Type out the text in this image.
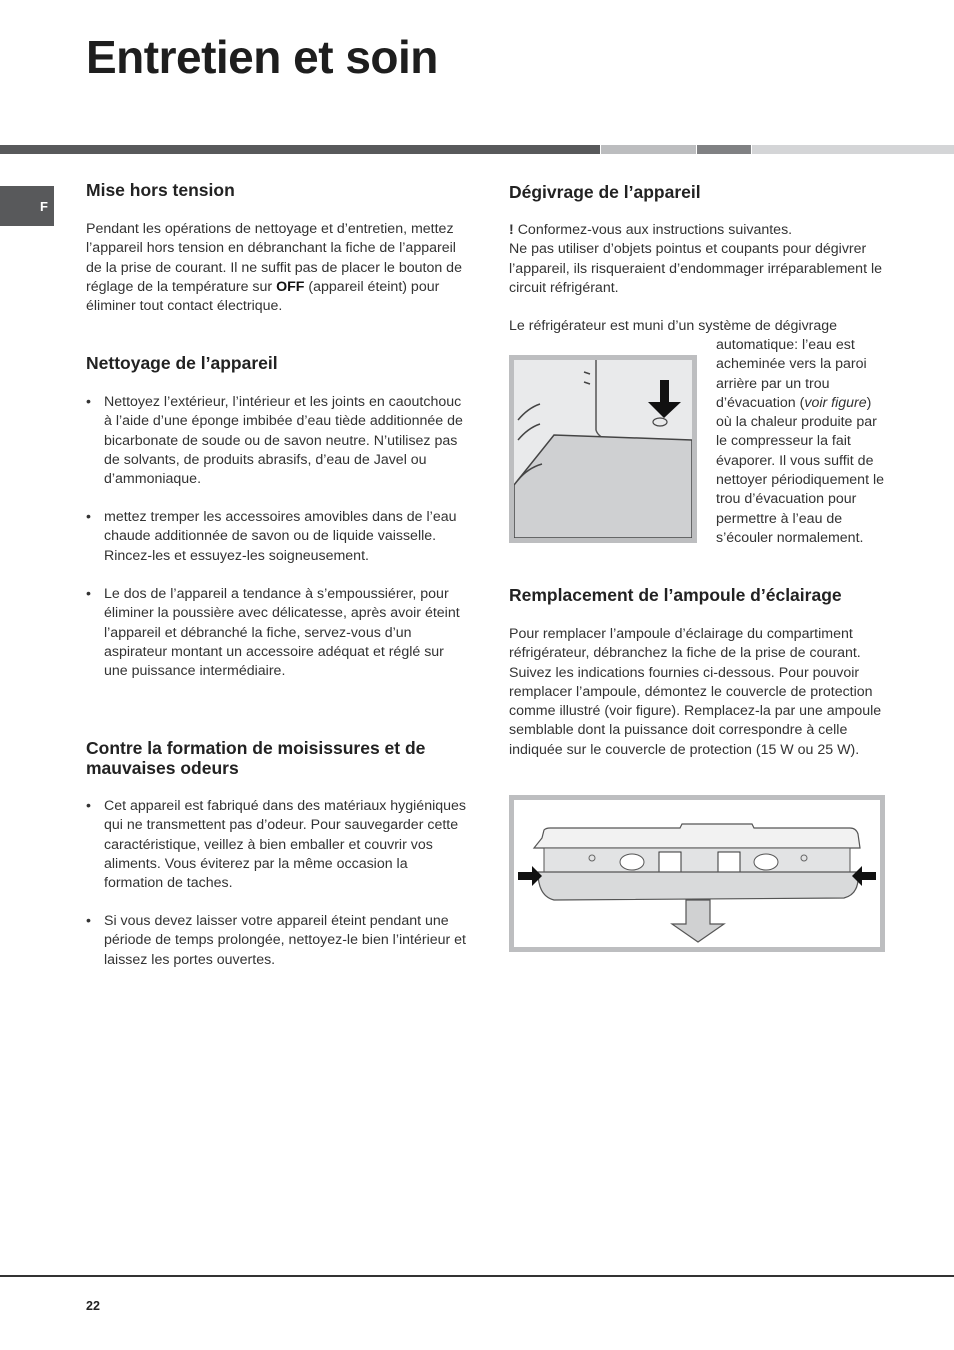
Entretien et soin
F
Mise hors tension

Pendant les opérations de nettoyage et d’entretien, mettez l’appareil hors tension en débranchant la fiche de l’appareil de la prise de courant. Il ne suffit pas de placer le bouton de réglage de la température sur OFF (appareil éteint) pour éliminer tout contact électrique.

Nettoyage de l’appareil
• Nettoyez l’extérieur, l’intérieur et les joints en caoutchouc à l’aide d’une éponge imbibée d’eau tiède additionnée de bicarbonate de soude ou de savon neutre. N’utilisez pas de solvants, de produits abrasifs, d’eau de Javel ou d’ammoniaque.
• mettez tremper les accessoires amovibles dans de l’eau chaude additionnée de savon ou de liquide vaisselle. Rincez-les et essuyez-les soigneusement.
• Le dos de l’appareil a tendance à s’empoussiérer, pour éliminer la poussière avec délicatesse, après avoir éteint l’appareil et débranché la fiche, servez-vous d’un aspirateur montant un accessoire adéquat et réglé sur une puissance intermédiaire.
Contre la formation de moisissures et de mauvaises odeurs
• Cet appareil est fabriqué dans des matériaux hygiéniques qui ne transmettent pas d’odeur. Pour sauvegarder cette caractéristique, veillez à bien emballer et couvrir vos aliments. Vous éviterez par la même occasion la formation de taches.
• Si vous devez laisser votre appareil éteint pendant une période de temps prolongée, nettoyez-le bien l’intérieur et laissez les portes ouvertes.
Dégivrage de l’appareil

! Conformez-vous aux instructions suivantes.
Ne pas utiliser d’objets pointus et coupants pour dégivrer l’appareil, ils risqueraient d’endommager irréparablement le circuit réfrigérant.

Le réfrigérateur est muni d’un système de dégivrage

automatique: l’eau est acheminée vers la paroi arrière par un trou d’évacuation (voir figure) où la chaleur produite par le compresseur la fait évaporer. Il vous suffit de nettoyer périodiquement le trou d’évacuation pour permettre à l’eau de s’écouler normalement.

Remplacement de l’ampoule d’éclairage

Pour remplacer l’ampoule d’éclairage du compartiment réfrigérateur, débranchez la fiche de la prise de courant. Suivez les indications fournies ci-dessous. Pour pouvoir remplacer l’ampoule, démontez le couvercle de protection comme illustré (voir figure). Remplacez-la par une ampoule semblable dont la puissance doit correspondre à celle indiquée sur le couvercle de protection (15 W ou 25 W).

22
